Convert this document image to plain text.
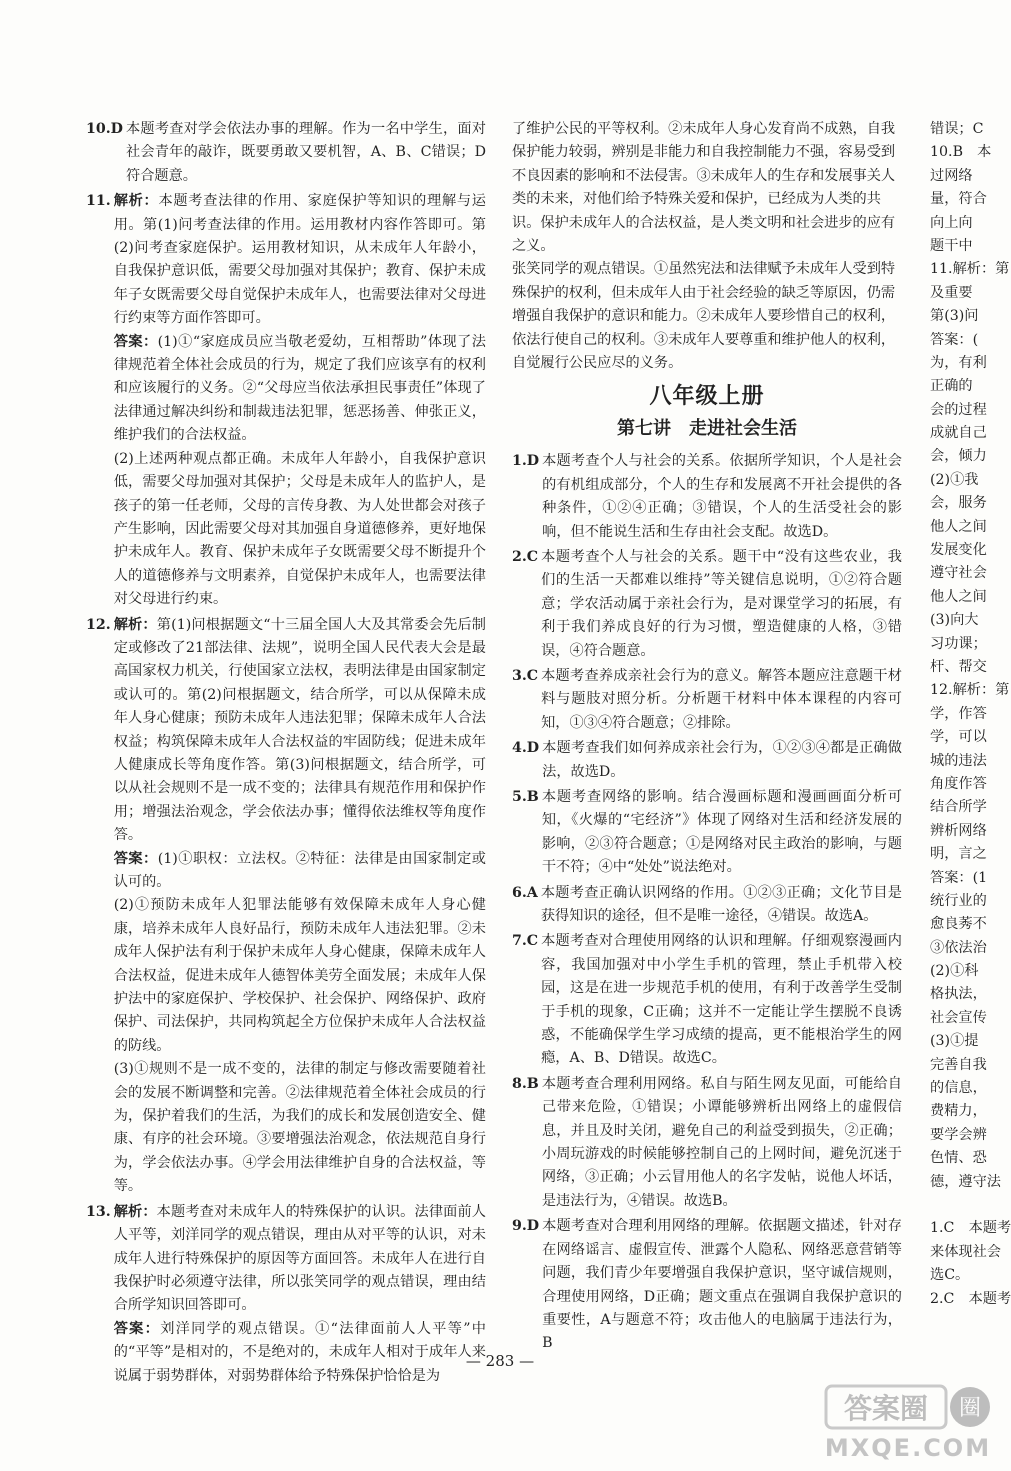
10.D 本题考查对学会依法办事的理解。作为一名中学生，面对社会青年的敲诈，既要勇敢又要机智，A、B、C错误；D符合题意。
11. 解析：本题考查法律的作用、家庭保护等知识的理解与运用。第(1)问考查法律的作用。运用教材内容作答即可。第(2)问考查家庭保护。运用教材知识，从未成年人年龄小，自我保护意识低，需要父母加强对其保护；教育、保护未成年子女既需要父母自觉保护未成年人，也需要法律对父母进行约束等方面作答即可。
答案：(1)①“家庭成员应当敬老爱幼，互相帮助”体现了法律规范着全体社会成员的行为，规定了我们应该享有的权利和应该履行的义务。②“父母应当依法承担民事责任”体现了法律通过解决纠纷和制裁违法犯罪，惩恶扬善、伸张正义，维护我们的合法权益。
(2)上述两种观点都正确。未成年人年龄小，自我保护意识低，需要父母加强对其保护；父母是未成年人的监护人，是孩子的第一任老师，父母的言传身教、为人处世都会对孩子产生影响，因此需要父母对其加强自身道德修养，更好地保护未成年人。教育、保护未成年子女既需要父母不断提升个人的道德修养与文明素养，自觉保护未成年人，也需要法律对父母进行约束。
12. 解析：第(1)问根据题文“十三届全国人大及其常委会先后制定或修改了21部法律、法规”，说明全国人民代表大会是最高国家权力机关，行使国家立法权，表明法律是由国家制定或认可的。第(2)问根据题文，结合所学，可以从保障未成年人身心健康；预防未成年人违法犯罪；保障未成年人合法权益；构筑保障未成年人合法权益的牢固防线；促进未成年人健康成长等角度作答。第(3)问根据题文，结合所学，可以从社会规则不是一成不变的；法律具有规范作用和保护作用；增强法治观念，学会依法办事；懂得依法维权等角度作答。
答案：(1)①职权：立法权。②特征：法律是由国家制定或认可的。
(2)①预防未成年人犯罪法能够有效保障未成年人身心健康，培养未成年人良好品行，预防未成年人违法犯罪。②未成年人保护法有利于保护未成年人身心健康，保障未成年人合法权益，促进未成年人德智体美劳全面发展；未成年人保护法中的家庭保护、学校保护、社会保护、网络保护、政府保护、司法保护，共同构筑起全方位保护未成年人合法权益的防线。
(3)①规则不是一成不变的，法律的制定与修改需要随着社会的发展不断调整和完善。②法律规范着全体社会成员的行为，保护着我们的生活，为我们的成长和发展创造安全、健康、有序的社会环境。③要增强法治观念，依法规范自身行为，学会依法办事。④学会用法律维护自身的合法权益，等等。
13. 解析：本题考查对未成年人的特殊保护的认识。法律面前人人平等，刘洋同学的观点错误，理由从对平等的认识，对未成年人进行特殊保护的原因等方面回答。未成年人在进行自我保护时必须遵守法律，所以张笑同学的观点错误，理由结合所学知识回答即可。
答案：刘洋同学的观点错误。①“法律面前人人平等”中的“平等”是相对的，不是绝对的，未成年人相对于成年人来说属于弱势群体，对弱势群体给予特殊保护恰恰是为
了维护公民的平等权利。②未成年人身心发育尚不成熟，自我保护能力较弱，辨别是非能力和自我控制能力不强，容易受到不良因素的影响和不法侵害。③未成年人的生存和发展事关人类的未来，对他们给予特殊关爱和保护，已经成为人类的共识。保护未成年人的合法权益，是人类文明和社会进步的应有之义。
张笑同学的观点错误。①虽然宪法和法律赋予未成年人受到特殊保护的权利，但未成年人由于社会经验的缺乏等原因，仍需增强自我保护的意识和能力。②未成年人要珍惜自己的权利，依法行使自己的权利。③未成年人要尊重和维护他人的权利，自觉履行公民应尽的义务。
八年级上册
第七讲　走进社会生活
1.D 本题考查个人与社会的关系。依据所学知识，个人是社会的有机组成部分，个人的生存和发展离不开社会提供的各种条件，①②④正确；③错误，个人的生活受社会的影响，但不能说生活和生存由社会支配。故选D。
2.C 本题考查个人与社会的关系。题干中“没有这些农业，我们的生活一天都难以维持”等关键信息说明，①②符合题意；学农活动属于亲社会行为，是对课堂学习的拓展，有利于我们养成良好的行为习惯，塑造健康的人格，③错误，④符合题意。
3.C 本题考查养成亲社会行为的意义。解答本题应注意题干材料与题肢对照分析。分析题干材料中体本课程的内容可知，①③④符合题意；②排除。
4.D 本题考查我们如何养成亲社会行为，①②③④都是正确做法，故选D。
5.B 本题考查网络的影响。结合漫画标题和漫画画面分析可知，《火爆的“宅经济”》体现了网络对生活和经济发展的影响，②③符合题意；①是网络对民主政治的影响，与题干不符；④中“处处”说法绝对。
6.A 本题考查正确认识网络的作用。①②③正确；文化节目是获得知识的途径，但不是唯一途径，④错误。故选A。
7.C 本题考查对合理使用网络的认识和理解。仔细观察漫画内容，我国加强对中小学生手机的管理，禁止手机带入校园，这是在进一步规范手机的使用，有利于改善学生受制于手机的现象，C正确；这并不一定能让学生摆脱不良诱惑，不能确保学生学习成绩的提高，更不能根治学生的网瘾，A、B、D错误。故选C。
8.B 本题考查合理利用网络。私自与陌生网友见面，可能给自己带来危险，①错误；小谭能够辨析出网络上的虚假信息，并且及时关闭，避免自己的利益受到损失，②正确；小周玩游戏的时候能够控制自己的上网时间，避免沉迷于网络，③正确；小云冒用他人的名字发帖，说他人坏话，是违法行为，④错误。故选B。
9.D 本题考查对合理利用网络的理解。依据题文描述，针对存在网络谣言、虚假宣传、泄露个人隐私、网络恶意营销等问题，我们青少年要增强自我保护意识，坚守诚信规则，合理使用网络，D正确；题文重点在强调自我保护意识的重要性，A与题意不符；攻击他人的电脑属于违法行为，B
错误；C
10.B　本
过网络
量，符合
向上向
题干中
11.解析：第
及重要
第(3)问
答案：(
为，有利
正确的
会的过程
成就自己
会，倾力
(2)①我
会，服务
他人之间
发展变化
遵守社会
他人之间
(3)向大
习功课；
杆、帮交
12.解析：第
学，作答
学，可以
城的违法
角度作答
结合所学
辨析网络
明，言之
答案：(1
统行业的
愈良莠不
③依法治
(2)①科
格执法，
社会宣传
(3)①提
完善自我
的信息，
费精力，
要学会辨
色情、恐
德，遵守法
1.C　本题考
来体现社会
选C。
2.C　本题考
— 283 —
答案圈 圈
MXQE.COM
